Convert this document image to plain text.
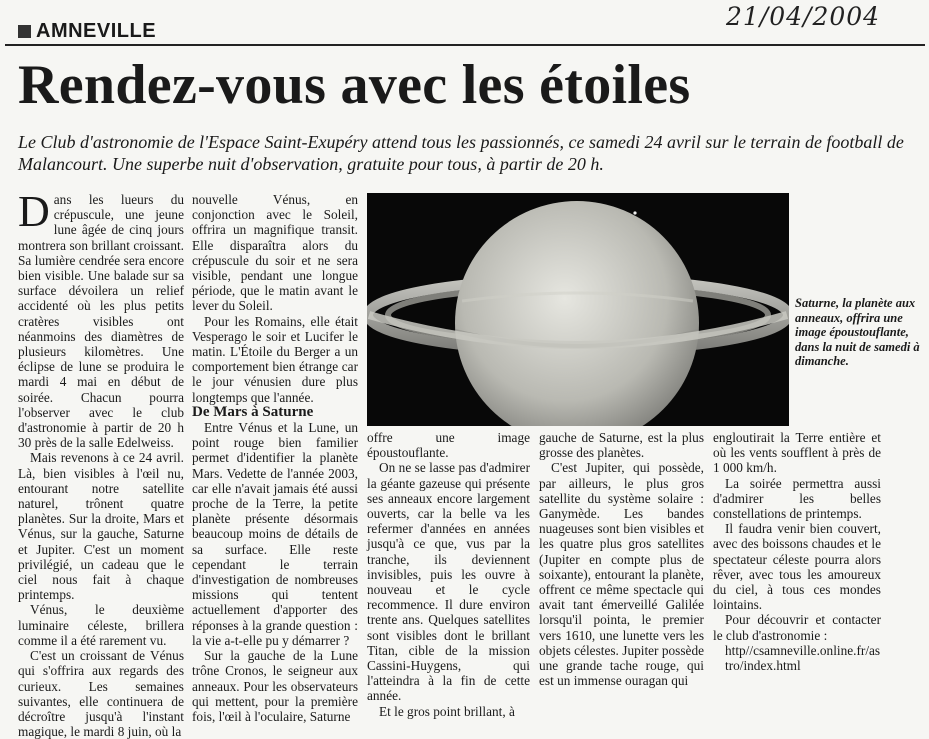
21/04/2004
AMNEVILLE
Rendez-vous avec les étoiles
Le Club d'astronomie de l'Espace Saint-Exupéry attend tous les passionnés, ce samedi 24 avril sur le terrain de football de Malancourt. Une superbe nuit d'observation, gratuite pour tous, à partir de 20 h.

Dans les lueurs du crépuscule, une jeune lune âgée de cinq jours montrera son brillant croissant. Sa lumière cendrée sera encore bien visible. Une balade sur sa surface dévoilera un relief accidenté où les plus petits cratères visibles ont néanmoins des diamètres de plusieurs kilomètres. Une éclipse de lune se produira le mardi 4 mai en début de soirée. Chacun pourra l'observer avec le club d'astronomie à partir de 20 h 30 près de la salle Edelweiss.

Mais revenons à ce 24 avril. Là, bien visibles à l'œil nu, entourant notre satellite naturel, trônent quatre planètes. Sur la droite, Mars et Vénus, sur la gauche, Saturne et Jupiter. C'est un moment privilégié, un cadeau que le ciel nous fait à chaque printemps.

Vénus, le deuxième luminaire céleste, brillera comme il a été rarement vu.

C'est un croissant de Vénus qui s'offrira aux regards des curieux. Les semaines suivantes, elle continuera de décroître jusqu'à l'instant magique, le mardi 8 juin, où la

nouvelle Vénus, en conjonction avec le Soleil, offrira un magnifique transit. Elle disparaîtra alors du crépuscule du soir et ne sera visible, pendant une longue période, que le matin avant le lever du Soleil.

Pour les Romains, elle était Vesperago le soir et Lucifer le matin. L'Étoile du Berger a un comportement bien étrange car le jour vénusien dure plus longtemps que l'année.

De Mars à Saturne

Entre Vénus et la Lune, un point rouge bien familier permet d'identifier la planète Mars. Vedette de l'année 2003, car elle n'avait jamais été aussi proche de la Terre, la petite planète présente désormais beaucoup moins de détails de sa surface. Elle reste cependant le terrain d'investigation de nombreuses missions qui tentent actuellement d'apporter des réponses à la grande question : la vie a-t-elle pu y démarrer ?

Sur la gauche de la Lune trône Cronos, le seigneur aux anneaux. Pour les observateurs qui mettent, pour la première fois, l'œil à l'oculaire, Saturne

Saturne, la planète aux anneaux, offrira une image époustouflante, dans la nuit de samedi à dimanche.

offre une image époustouflante.

On ne se lasse pas d'admirer la géante gazeuse qui présente ses anneaux encore largement ouverts, car la belle va les refermer d'années en années jusqu'à ce que, vus par la tranche, ils deviennent invisibles, puis les ouvre à nouveau et le cycle recommence. Il dure environ trente ans. Quelques satellites sont visibles dont le brillant Titan, cible de la mission Cassini-Huygens, qui l'atteindra à la fin de cette année.

Et le gros point brillant, à

gauche de Saturne, est la plus grosse des planètes.

C'est Jupiter, qui possède, par ailleurs, le plus gros satellite du système solaire : Ganymède. Les bandes nuageuses sont bien visibles et les quatre plus gros satellites (Jupiter en compte plus de soixante), entourant la planète, offrent ce même spectacle qui avait tant émerveillé Galilée lorsqu'il pointa, le premier vers 1610, une lunette vers les objets célestes. Jupiter possède une grande tache rouge, qui est un immense ouragan qui

engloutirait la Terre entière et où les vents soufflent à près de 1 000 km/h.

La soirée permettra aussi d'admirer les belles constellations de printemps.

Il faudra venir bien couvert, avec des boissons chaudes et le spectateur céleste pourra alors rêver, avec tous les amoureux du ciel, à tous ces mondes lointains.

Pour découvrir et contacter le club d'astronomie :

http//csamneville.online.fr/astro/index.html
